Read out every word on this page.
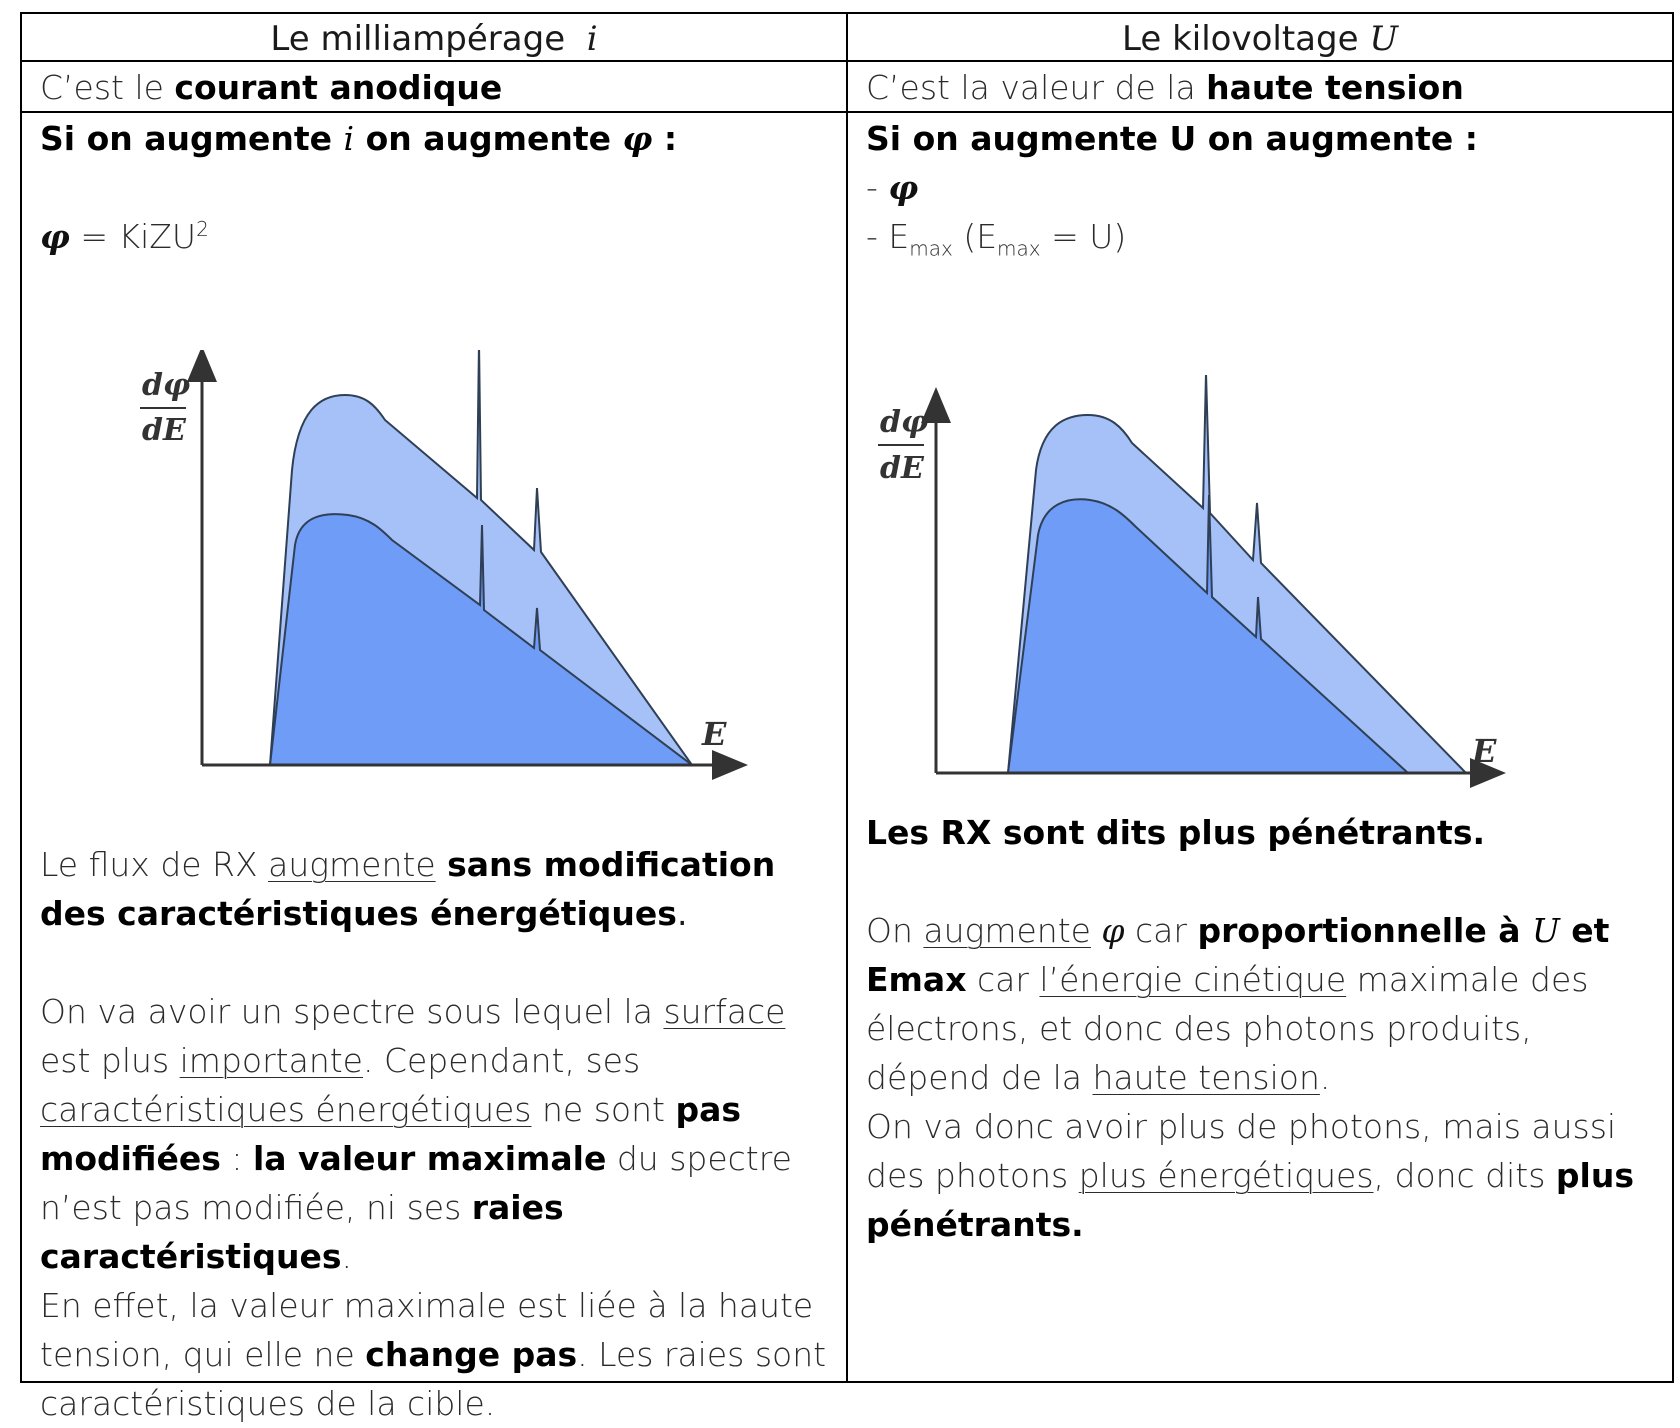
Le milliampérage i	Le kilovoltage U
C’est le courant anodique	C’est la valeur de la haute tension

Si on augmente i on augmente φ :

φ = KiZU$^2$

dφ
dE
E

Le flux de RX augmente sans modification des caractéristiques énergétiques.

On va avoir un spectre sous lequel la surface est plus importante. Cependant, ses caractéristiques énergétiques ne sont pas modifiées : la valeur maximale du spectre n’est pas modifiée, ni ses raies caractéristiques.

En effet, la valeur maximale est liée à la haute tension, qui elle ne change pas. Les raies sont caractéristiques de la cible.

Si on augmente U on augmente :

- φ

- $E_{max}$ $(E_{max} = U)$

dφ
dE
E

Les RX sont dits plus pénétrants.

On augmente φ car proportionnelle à U et Emax car l’énergie cinétique maximale des électrons, et donc des photons produits, dépend de la haute tension.

On va donc avoir plus de photons, mais aussi des photons plus énergétiques, donc dits plus pénétrants.
